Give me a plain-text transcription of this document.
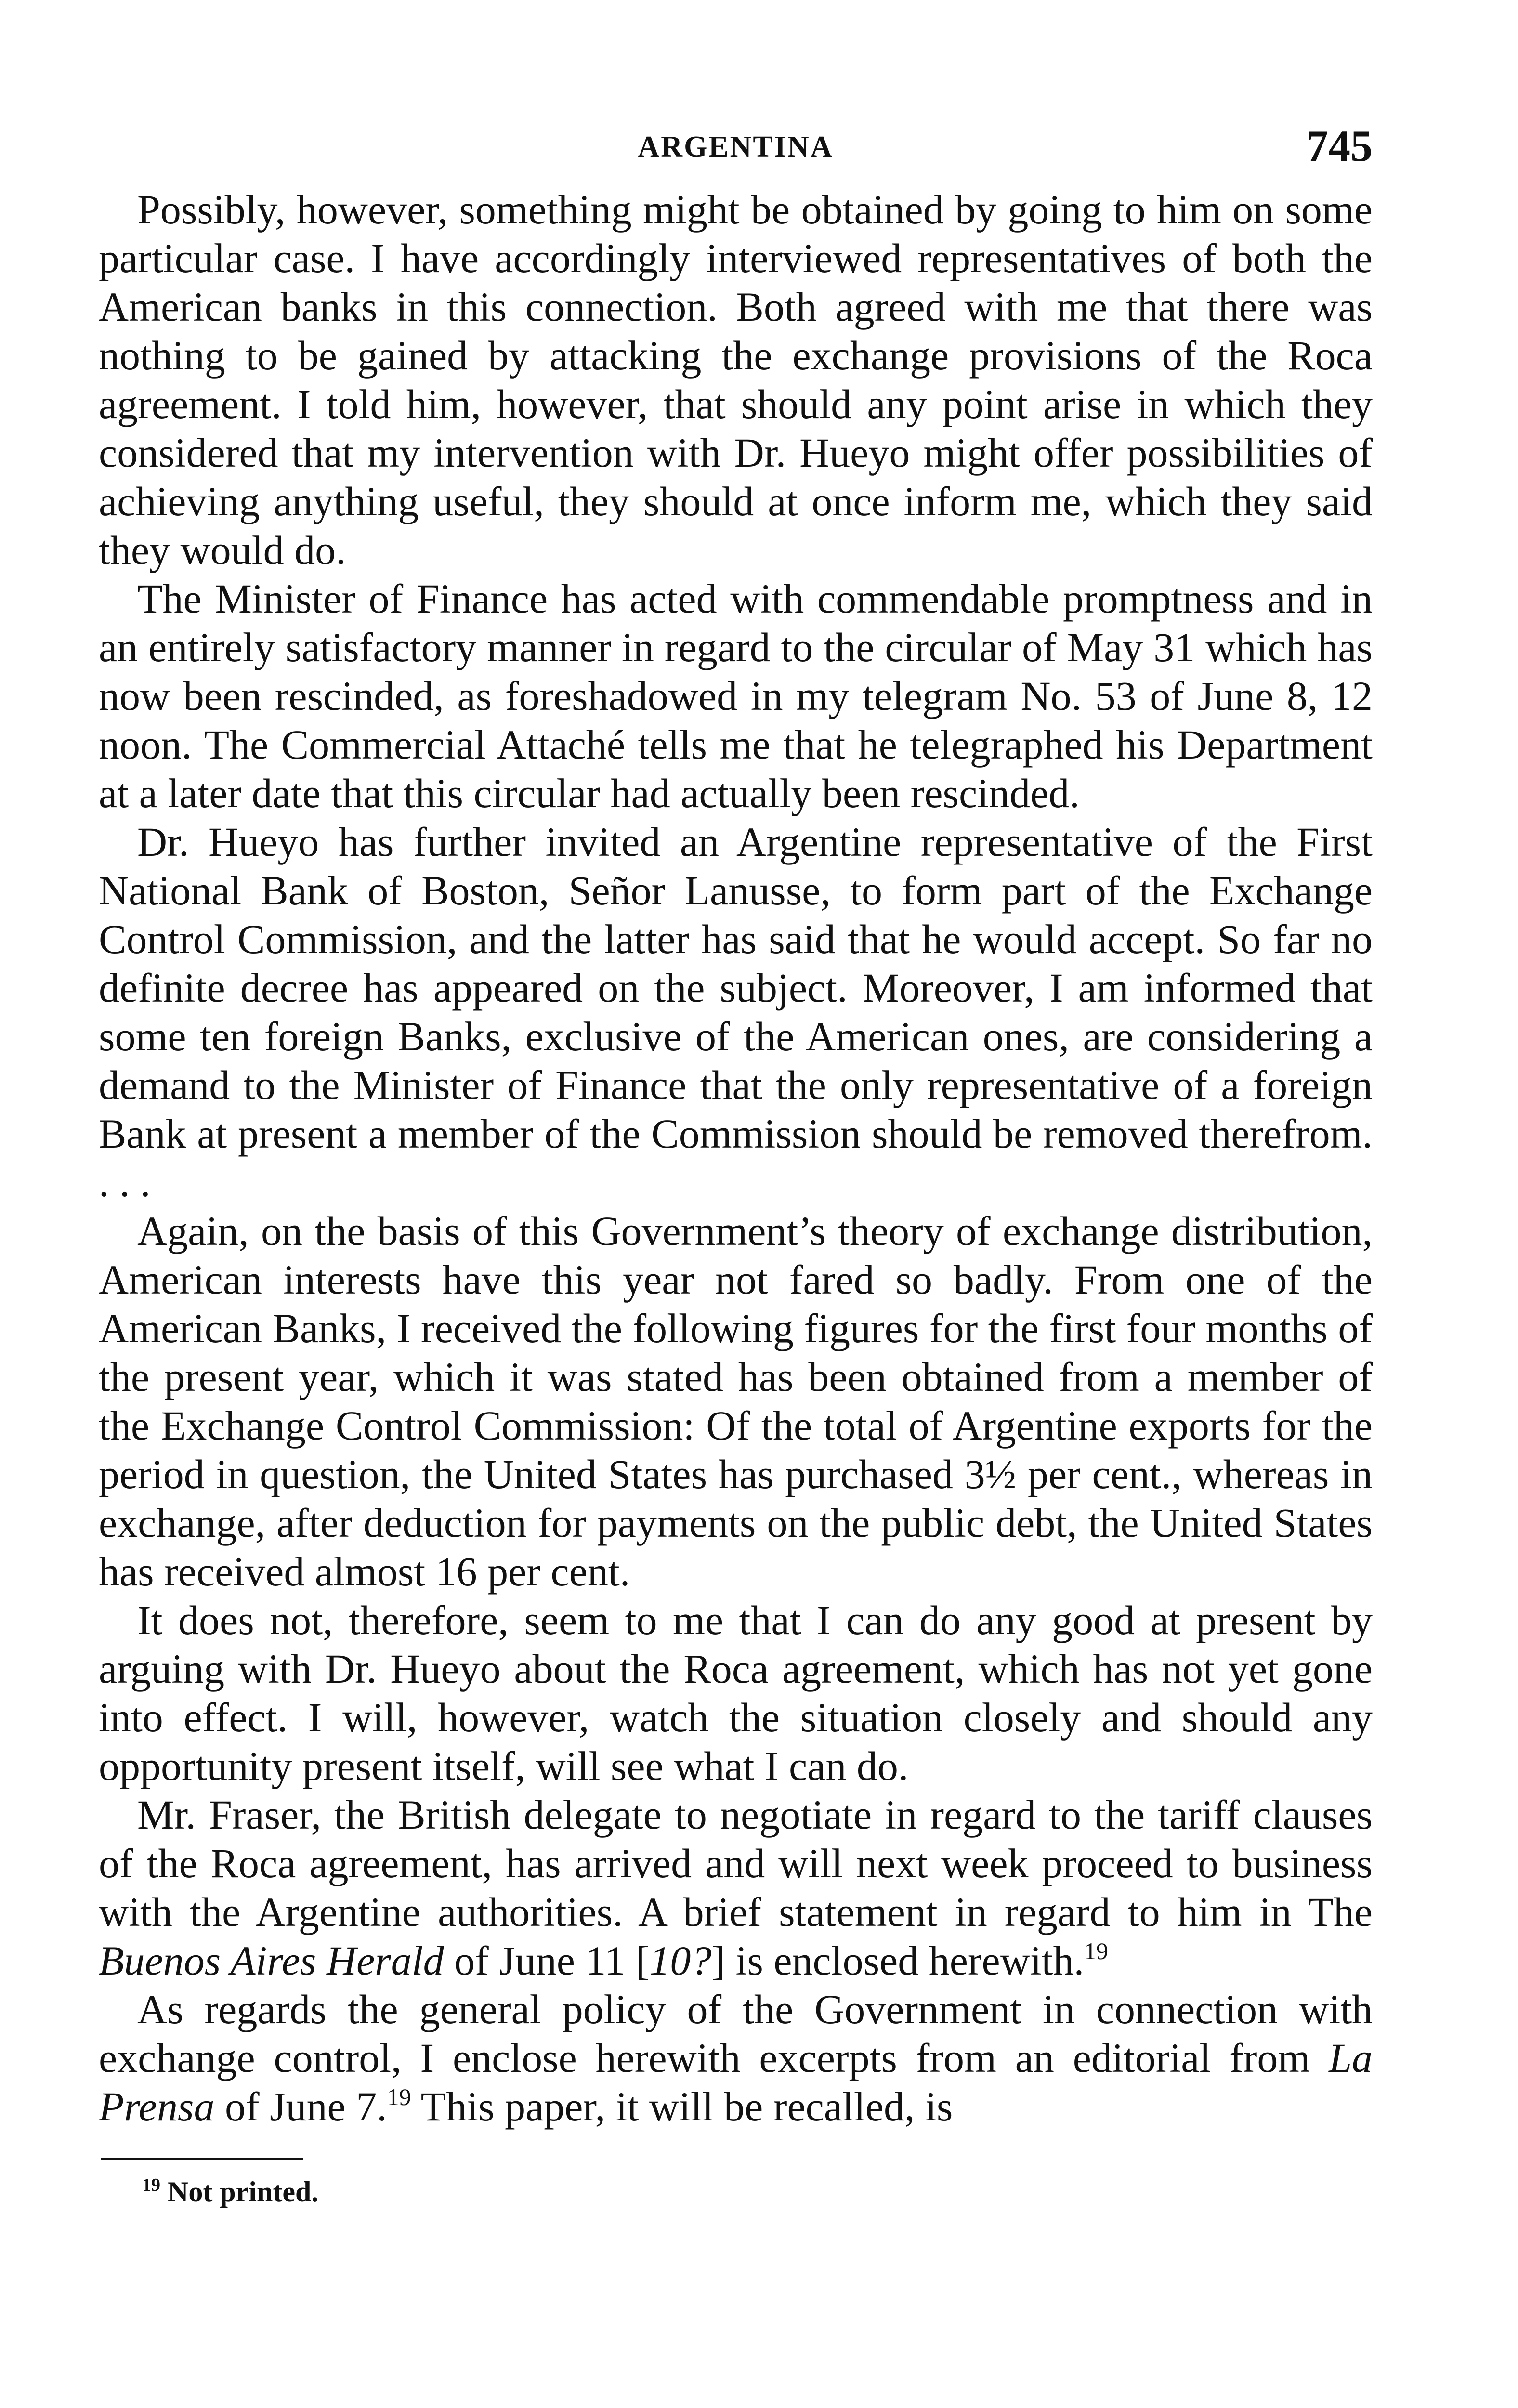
ARGENTINA	745

Possibly, however, something might be obtained by going to him on some particular case. I have accordingly interviewed representatives of both the American banks in this connection. Both agreed with me that there was nothing to be gained by attacking the exchange provisions of the Roca agreement. I told him, however, that should any point arise in which they considered that my intervention with Dr. Hueyo might offer possibilities of achieving anything useful, they should at once inform me, which they said they would do.

The Minister of Finance has acted with commendable promptness and in an entirely satisfactory manner in regard to the circular of May 31 which has now been rescinded, as foreshadowed in my telegram No. 53 of June 8, 12 noon. The Commercial Attaché tells me that he telegraphed his Department at a later date that this circular had actually been rescinded.

Dr. Hueyo has further invited an Argentine representative of the First National Bank of Boston, Señor Lanusse, to form part of the Exchange Control Commission, and the latter has said that he would accept. So far no definite decree has appeared on the subject. Moreover, I am informed that some ten foreign Banks, exclusive of the American ones, are considering a demand to the Minister of Finance that the only representative of a foreign Bank at present a member of the Commission should be removed therefrom. . . .

Again, on the basis of this Government’s theory of exchange distribution, American interests have this year not fared so badly. From one of the American Banks, I received the following figures for the first four months of the present year, which it was stated has been obtained from a member of the Exchange Control Commission: Of the total of Argentine exports for the period in question, the United States has purchased 3½ per cent., whereas in exchange, after deduction for payments on the public debt, the United States has received almost 16 per cent.

It does not, therefore, seem to me that I can do any good at present by arguing with Dr. Hueyo about the Roca agreement, which has not yet gone into effect. I will, however, watch the situation closely and should any opportunity present itself, will see what I can do.

Mr. Fraser, the British delegate to negotiate in regard to the tariff clauses of the Roca agreement, has arrived and will next week proceed to business with the Argentine authorities. A brief statement in regard to him in The Buenos Aires Herald of June 11 [10?] is enclosed herewith.$^{19}$

As regards the general policy of the Government in connection with exchange control, I enclose herewith excerpts from an editorial from La Prensa of June 7.19 This paper, it will be recalled, is

$^{19}$ Not printed.
